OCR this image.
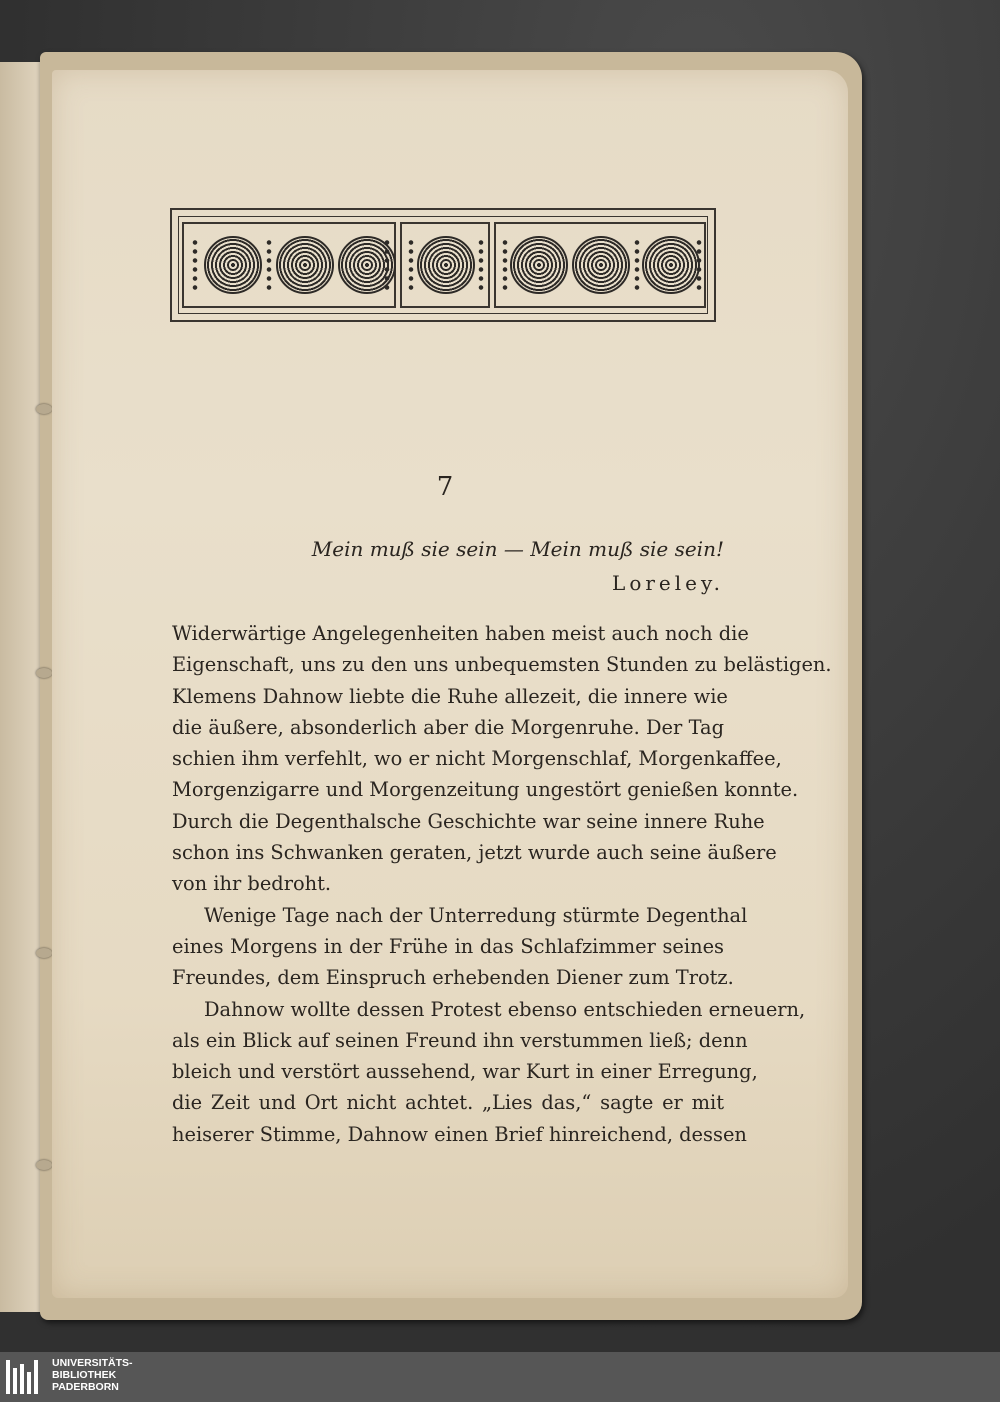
7
Mein muß sie sein — Mein muß sie sein!
Loreley.
Widerwärtige Angelegenheiten haben meist auch noch die
Eigenschaft, uns zu den uns unbequemsten Stunden zu belästigen.
Klemens Dahnow liebte die Ruhe allezeit, die innere wie
die äußere, absonderlich aber die Morgenruhe. Der Tag
schien ihm verfehlt, wo er nicht Morgenschlaf, Morgenkaffee,
Morgenzigarre und Morgenzeitung ungestört genießen konnte.
Durch die Degenthalsche Geschichte war seine innere Ruhe
schon ins Schwanken geraten, jetzt wurde auch seine äußere
von ihr bedroht.
Wenige Tage nach der Unterredung stürmte Degenthal
eines Morgens in der Frühe in das Schlafzimmer seines
Freundes, dem Einspruch erhebenden Diener zum Trotz.
Dahnow wollte dessen Protest ebenso entschieden erneuern,
als ein Blick auf seinen Freund ihn verstummen ließ; denn
bleich und verstört aussehend, war Kurt in einer Erregung,
die Zeit und Ort nicht achtet. „Lies das,“ sagte er mit
heiserer Stimme, Dahnow einen Brief hinreichend, dessen
UNIVERSITÄTS-
BIBLIOTHEK
PADERBORN
